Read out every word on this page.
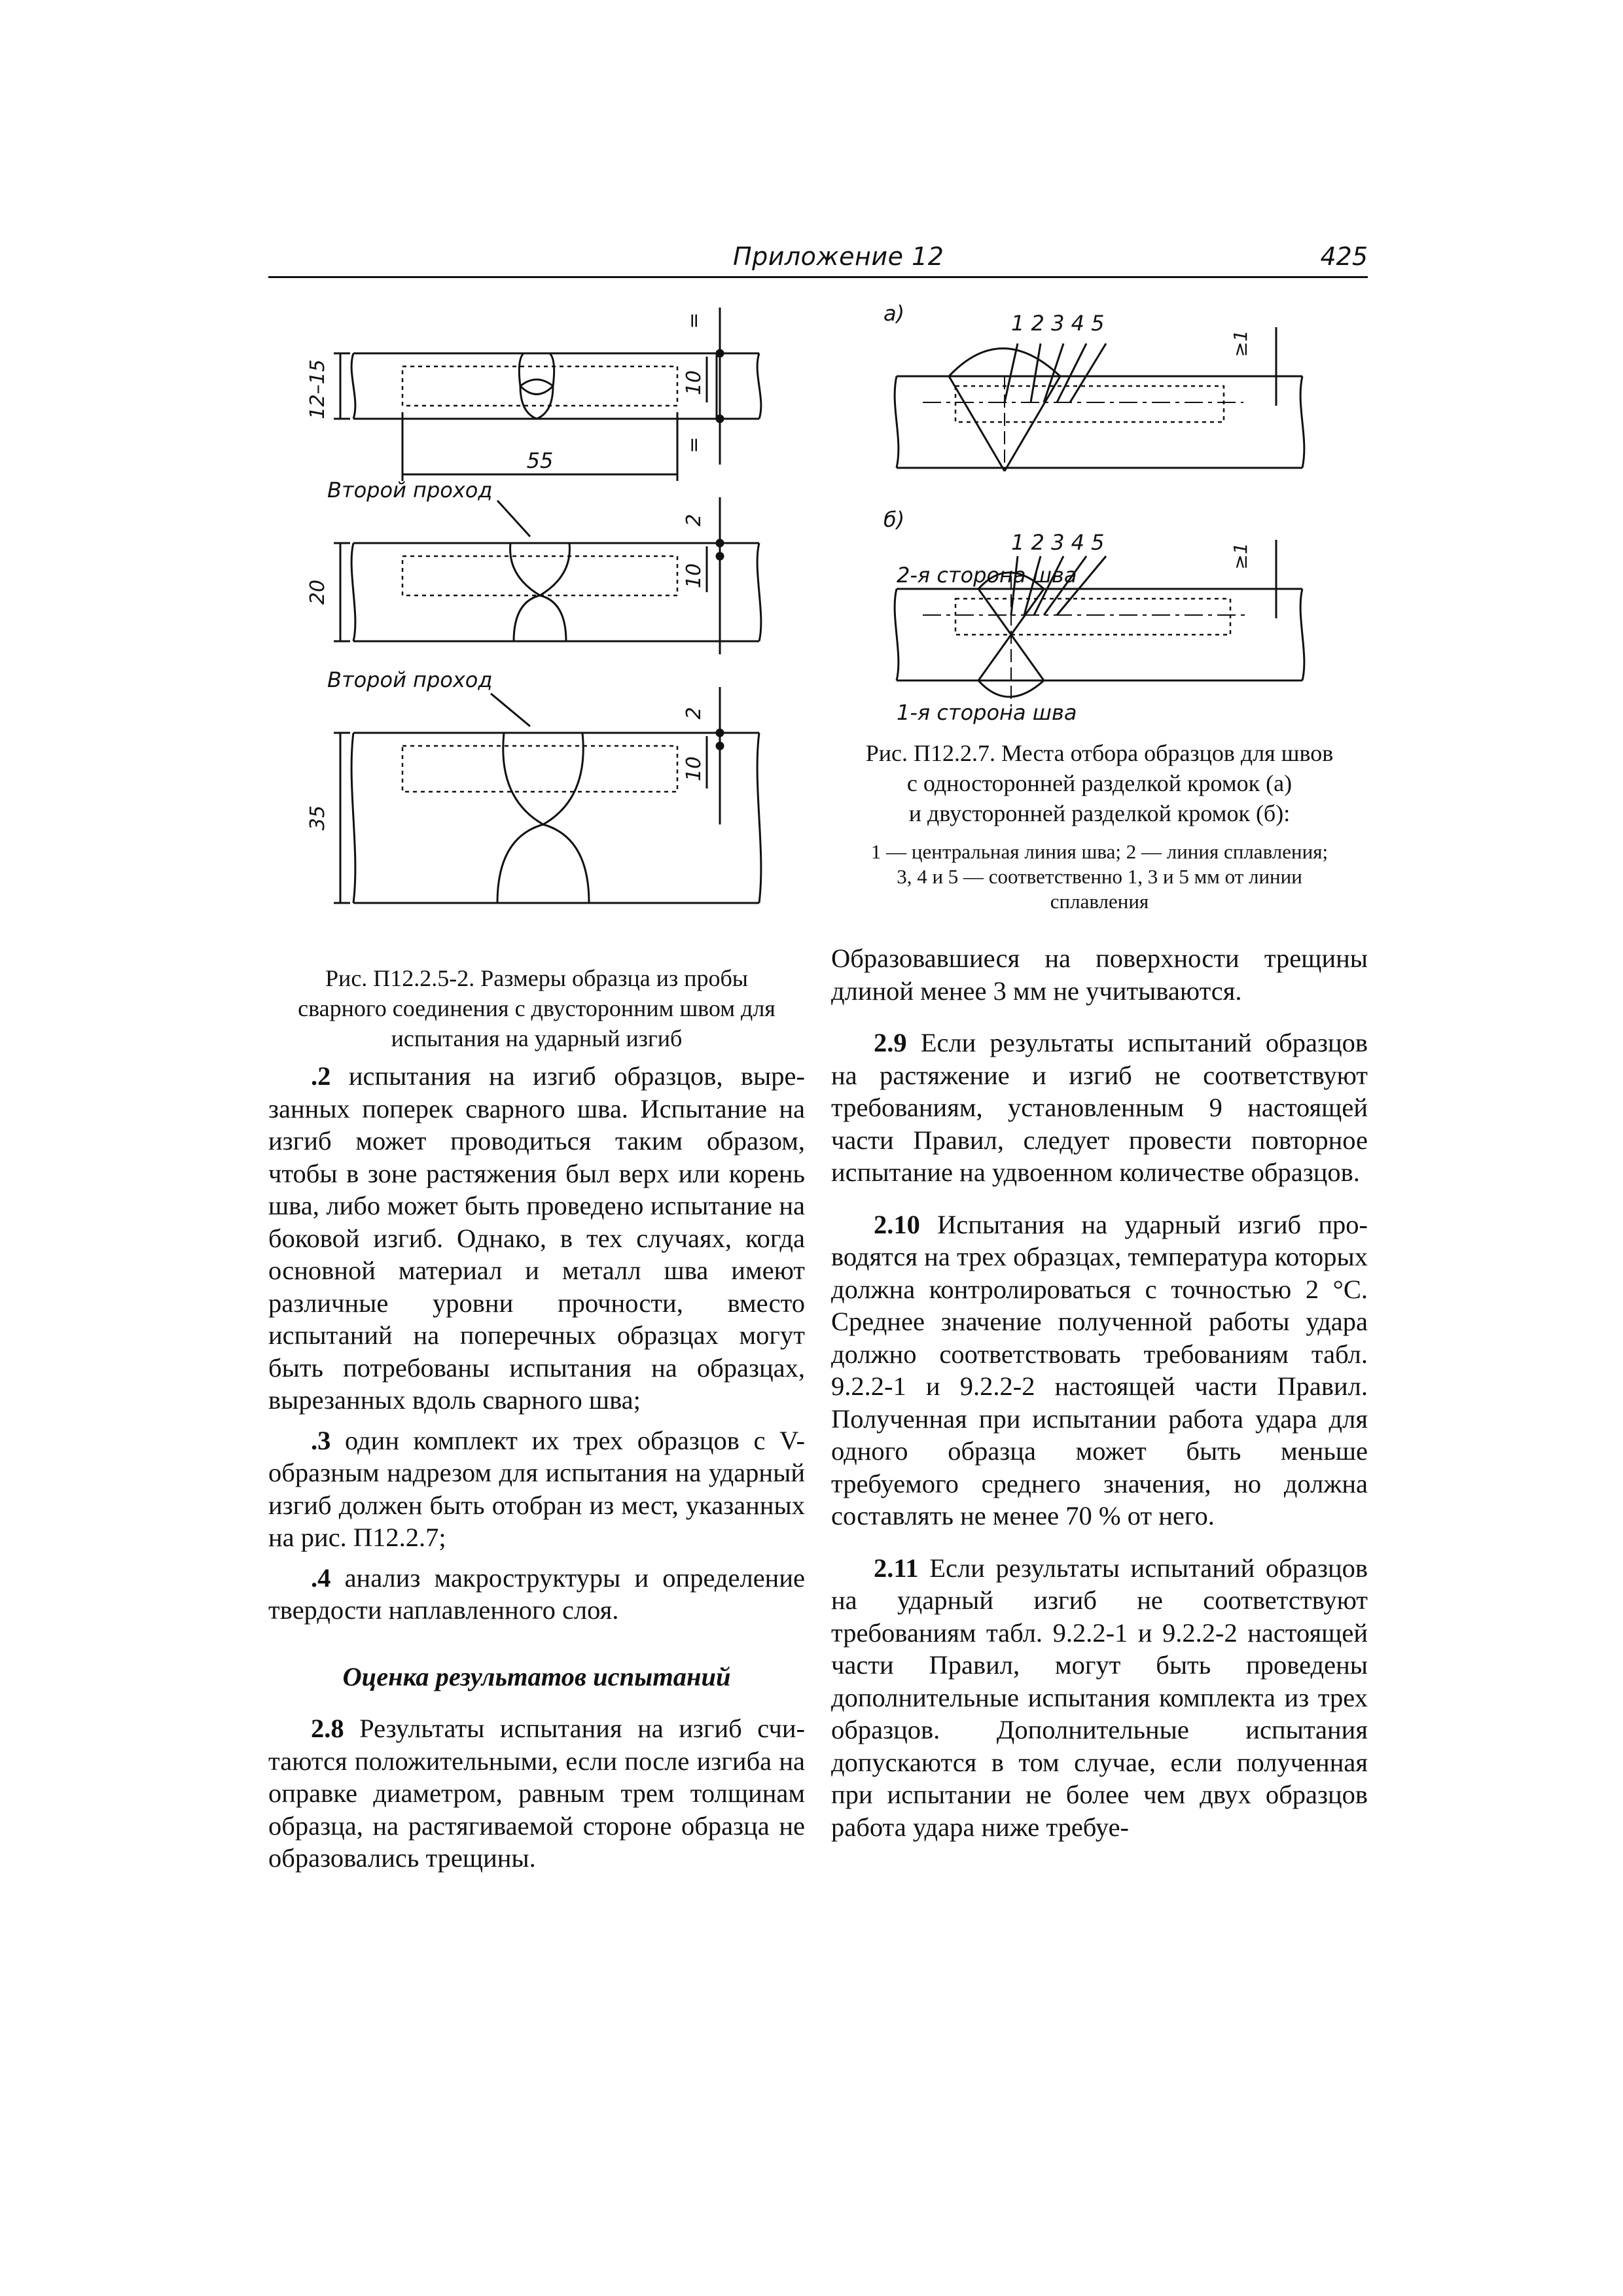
Приложение 12	425
12–15	10
=
=
55
Второй проход
2
20
10
Второй проход
2
35
10
Рис. П12.2.5-2. Размеры образца из пробы
сварного соединения с двусторонним швом для
испытания на ударный изгиб
а)	1 2 3 4 5
≥1
б)
1 2 3 4 5
≥1
2-я сторона шва
1-я сторона шва
Рис. П12.2.7. Места отбора образцов для швов
с односторонней разделкой кромок (а)
и двусторонней разделкой кромок (б):
1 — центральная линия шва; 2 — линия сплавления;
3, 4 и 5 — соответственно 1, 3 и 5 мм от линии
сплавления

.2 испытания на изгиб образцов, вырезанных поперек сварного шва. Испытание на изгиб может проводиться таким образом, чтобы в зоне растяжения был верх или корень шва, либо может быть проведено испытание на боковой изгиб. Однако, в тех случаях, когда основной материал и металл шва имеют различные уровни прочности, вместо испытаний на поперечных образцах могут быть потребованы испытания на образцах, вырезанных вдоль сварного шва;

.3 один комплект их трех образцов с V-образным надрезом для испытания на ударный изгиб должен быть отобран из мест, указанных на рис. П12.2.7;

.4 анализ макроструктуры и определение твердости наплавленного слоя.

Оценка результатов испытаний

2.8 Результаты испытания на изгиб считаются положительными, если после изгиба на оправке диаметром, равным трем толщинам образца, на растягиваемой стороне образца не образовались трещины.

Образовавшиеся на поверхности трещины длиной менее 3 мм не учитываются.

2.9 Если результаты испытаний образцов на растяжение и изгиб не соответствуют требованиям, установленным 9 настоящей части Правил, следует провести повторное испытание на удвоенном количестве образцов.

2.10 Испытания на ударный изгиб проводятся на трех образцах, температура которых должна контролироваться с точностью 2 °С. Среднее значение полученной работы удара должно соответствовать требованиям табл. 9.2.2-1 и 9.2.2-2 настоящей части Правил. Полученная при испытании работа удара для одного образца может быть меньше требуемого среднего значения, но должна составлять не менее 70 % от него.

2.11 Если результаты испытаний образцов на ударный изгиб не соответствуют требованиям табл. 9.2.2-1 и 9.2.2-2 настоящей части Правил, могут быть проведены дополнительные испытания комплекта из трех образцов. Дополнительные испытания допускаются в том случае, если полученная при испытании не более чем двух образцов работа удара ниже требуе-
